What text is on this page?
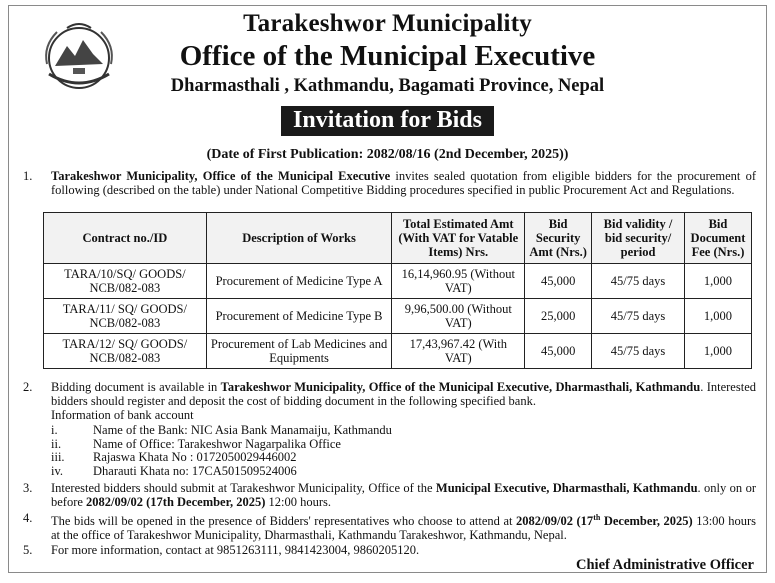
Tarakeshwor Municipality
Office of the Municipal Executive
Dharmasthali , Kathmandu, Bagamati Province, Nepal
Invitation for Bids
(Date of First Publication: 2082/08/16 (2nd December, 2025))
1. Tarakeshwor Municipality, Office of the Municipal Executive invites sealed quotation from eligible bidders for the procurement of following (described on the table) under National Competitive Bidding procedures specified in public Procurement Act and Regulations.
Contract no./ID	Description of Works	Total Estimated Amt (With VAT for Vatable Items) Nrs.	Bid Security Amt (Nrs.)	Bid validity / bid security/ period	Bid Document Fee (Nrs.)
TARA/10/SQ/ GOODS/ NCB/082-083	Procurement of Medicine Type A	16,14,960.95 (Without VAT)	45,000	45/75 days	1,000
TARA/11/ SQ/ GOODS/ NCB/082-083	Procurement of Medicine Type B	9,96,500.00 (Without VAT)	25,000	45/75 days	1,000
TARA/12/ SQ/ GOODS/ NCB/082-083	Procurement of Lab Medicines and Equipments	17,43,967.42 (With VAT)	45,000	45/75 days	1,000
2. Bidding document is available in Tarakeshwor Municipality, Office of the Municipal Executive, Dharmasthali, Kathmandu. Interested bidders should register and deposit the cost of bidding document in the following specified bank.
Information of bank account
i.	Name of the Bank: NIC Asia Bank Manamaiju, Kathmandu
ii.	Name of Office: Tarakeshwor Nagarpalika Office
iii. Rajaswa Khata No : 017205002944600​2
iv. Dharauti Khata no: 17CA501509524006
3. Interested bidders should submit at Tarakeshwor Municipality, Office of the Municipal Executive, Dharmasthali, Kathmandu. only on or before 2082/09/02 (17th December, 2025) 12:00 hours.
4. The bids will be opened in the presence of Bidders' representatives who choose to attend at 2082/09/02 (17th December, 2025) 13:00 hours at the office of Tarakeshwor Municipality, Dharmasthali, Kathmandu Tarakeshwor, Kathmandu, Nepal.
5. For more information, contact at 9851263111, 9841423004, 9860205120.
Chief Administrative Officer
